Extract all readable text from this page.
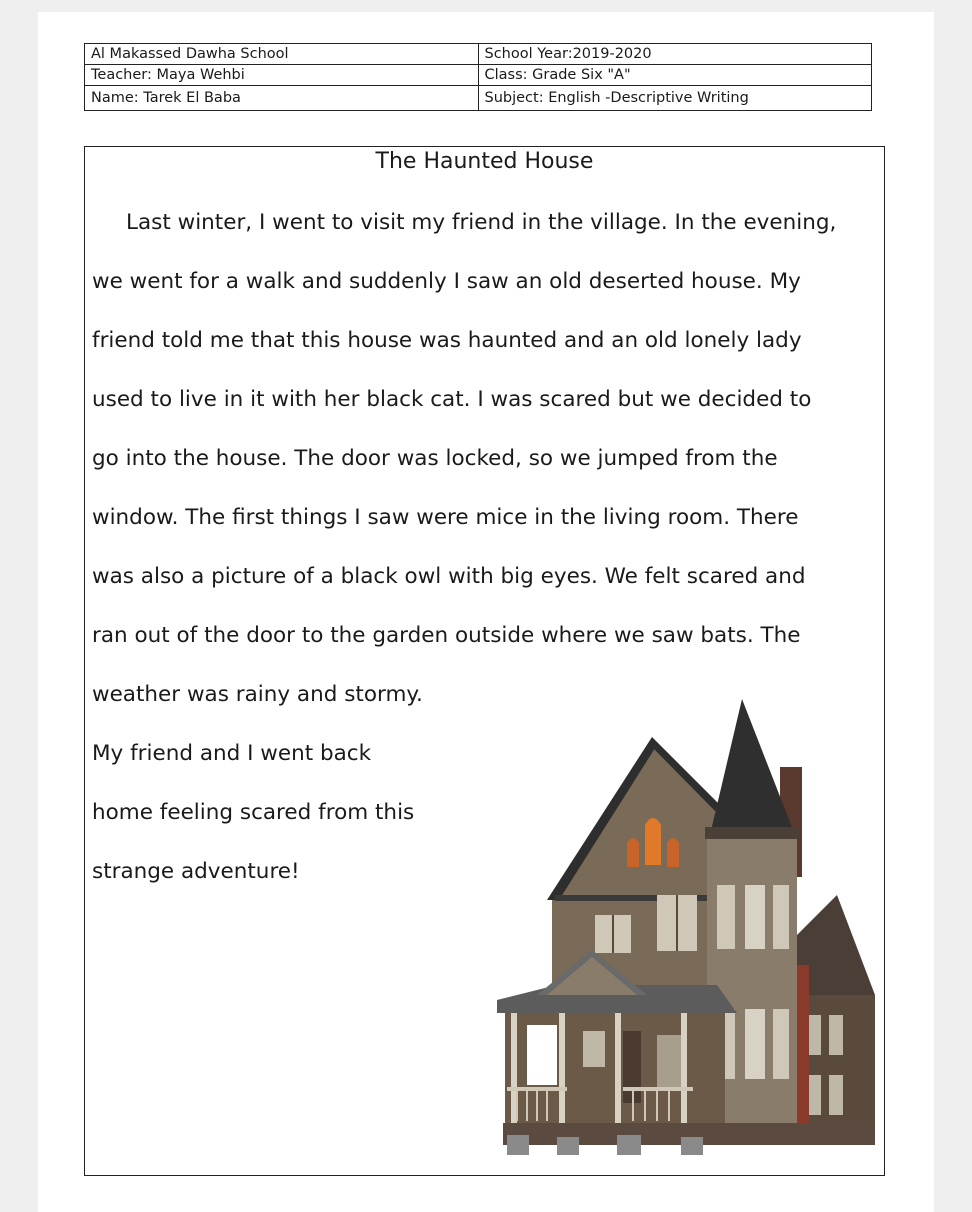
Al Makassed Dawha School	School Year:2019-2020
Teacher: Maya Wehbi	Class: Grade Six "A"
Name: Tarek El Baba	Subject: English -Descriptive Writing
The Haunted House
Last winter, I went to visit my friend in the village. In the evening,
we went for a walk and suddenly I saw an old deserted house. My
friend told me that this house was haunted and an old lonely lady
used to live in it with her black cat. I was scared but we decided to
go into the house. The door was locked, so we jumped from the
window. The first things I saw were mice in the living room. There
was also a picture of a black owl with big eyes. We felt scared and
ran out of the door to the garden outside where we saw bats. The
weather was rainy and stormy.
My friend and I went back
home feeling scared from this
strange adventure!
